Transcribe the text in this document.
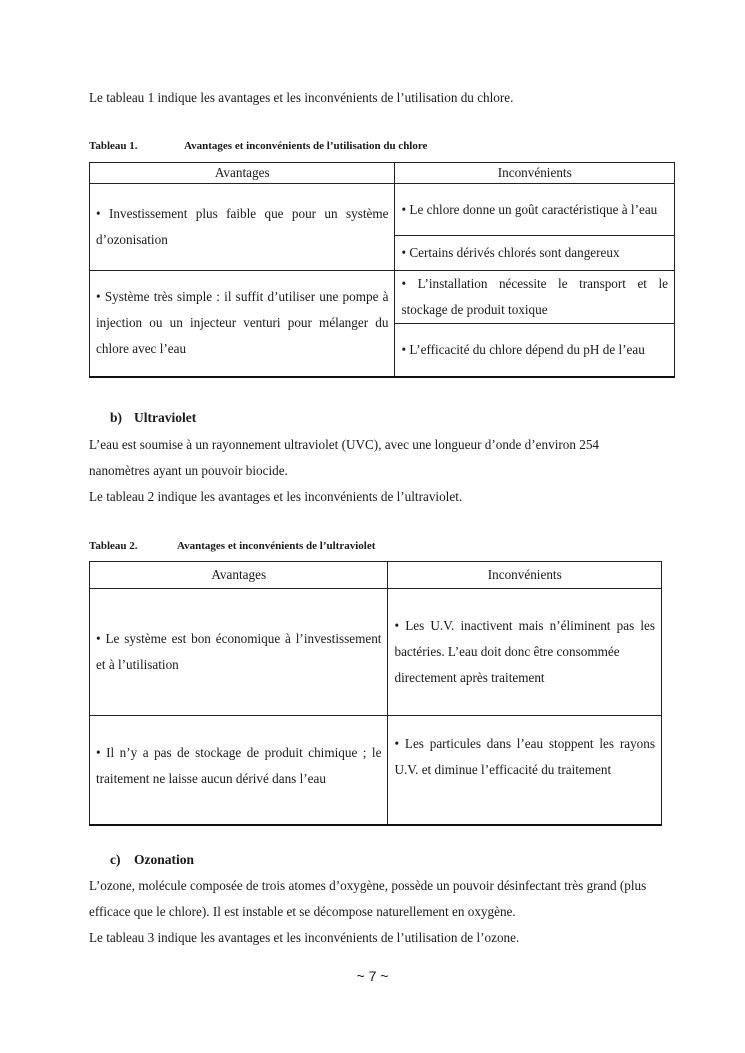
Le tableau 1 indique les avantages et les inconvénients de l’utilisation du chlore.

Tableau 1.	Avantages et inconvénients de l’utilisation du chlore
Avantages	Inconvénients
• Investissement plus faible que pour un système d’ozonisation	• Le chlore donne un goût caractéristique à l’eau
	• Certains dérivés chlorés sont dangereux
• Système très simple : il suffit d’utiliser une pompe à injection ou un injecteur venturi pour mélanger du chlore avec l’eau	• L’installation nécessite le transport et le stockage de produit toxique
	• L’efficacité du chlore dépend du pH de l’eau
b) Ultraviolet

L’eau est soumise à un rayonnement ultraviolet (UVC), avec une longueur d’onde d’environ 254 nanomètres ayant un pouvoir biocide.

Le tableau 2 indique les avantages et les inconvénients de l’ultraviolet.

Tableau 2.	Avantages et inconvénients de l’ultraviolet
Avantages	Inconvénients
• Le système est bon économique à l’investissement et à l’utilisation	• Les U.V. inactivent mais n’éliminent pas les bactéries. L’eau doit donc être consommée
directement après traitement
• Il n’y a pas de stockage de produit chimique ; le traitement ne laisse aucun dérivé dans l’eau	• Les particules dans l’eau stoppent les rayons U.V. et diminue l’efficacité du traitement
c) Ozonation

L’ozone, molécule composée de trois atomes d’oxygène, possède un pouvoir désinfectant très grand (plus efficace que le chlore). Il est instable et se décompose naturellement en oxygène.

Le tableau 3 indique les avantages et les inconvénients de l’utilisation de l’ozone.

~ 7 ~
